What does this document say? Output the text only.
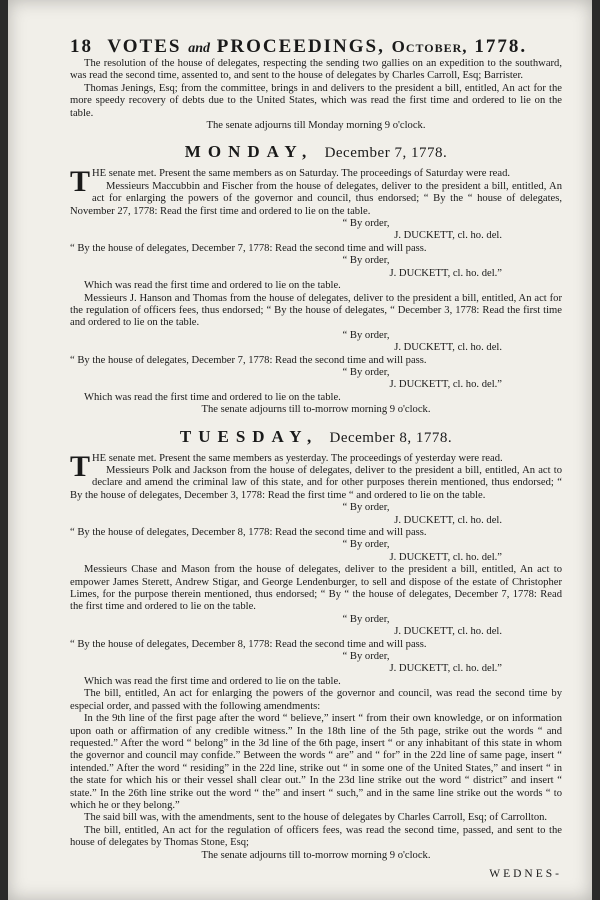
18 VOTES and PROCEEDINGS, October, 1778.

The resolution of the house of delegates, respecting the sending two gallies on an expedition to the southward, was read the second time, assented to, and sent to the house of delegates by Charles Carroll, Esq; Barrister.

Thomas Jenings, Esq; from the committee, brings in and delivers to the president a bill, entitled, An act for the more speedy recovery of debts due to the United States, which was read the first time and ordered to lie on the table.

The senate adjourns till Monday morning 9 o'clock.

MONDAY, December 7, 1778.

THE senate met. Present the same members as on Saturday. The proceedings of Saturday were read.

Messieurs Maccubbin and Fischer from the house of delegates, deliver to the president a bill, entitled, An act for enlarging the powers of the governor and council, thus endorsed; “ By the “ house of delegates, November 27, 1778: Read the first time and ordered to lie on the table.

“ By order,

J. DUCKETT, cl. ho. del.

“ By the house of delegates, December 7, 1778: Read the second time and will pass.

“ By order,

J. DUCKETT, cl. ho. del.”

Which was read the first time and ordered to lie on the table.

Messieurs J. Hanson and Thomas from the house of delegates, deliver to the president a bill, entitled, An act for the regulation of officers fees, thus endorsed; “ By the house of delegates, “ December 3, 1778: Read the first time and ordered to lie on the table.

“ By order,

J. DUCKETT, cl. ho. del.

“ By the house of delegates, December 7, 1778: Read the second time and will pass.

“ By order,

J. DUCKETT, cl. ho. del.”

Which was read the first time and ordered to lie on the table.

The senate adjourns till to-morrow morning 9 o'clock.

TUESDAY, December 8, 1778.

THE senate met. Present the same members as yesterday. The proceedings of yesterday were read.

Messieurs Polk and Jackson from the house of delegates, deliver to the president a bill, entitled, An act to declare and amend the criminal law of this state, and for other purposes therein mentioned, thus endorsed; “ By the house of delegates, December 3, 1778: Read the first time “ and ordered to lie on the table.

“ By order,

J. DUCKETT, cl. ho. del.

“ By the house of delegates, December 8, 1778: Read the second time and will pass.

“ By order,

J. DUCKETT, cl. ho. del.”

Messieurs Chase and Mason from the house of delegates, deliver to the president a bill, entitled, An act to empower James Sterett, Andrew Stigar, and George Lendenburger, to sell and dispose of the estate of Christopher Limes, for the purpose therein mentioned, thus endorsed; “ By “ the house of delegates, December 7, 1778: Read the first time and ordered to lie on the table.

“ By order,

J. DUCKETT, cl. ho. del.

“ By the house of delegates, December 8, 1778: Read the second time and will pass.

“ By order,

J. DUCKETT, cl. ho. del.”

Which was read the first time and ordered to lie on the table.

The bill, entitled, An act for enlarging the powers of the governor and council, was read the second time by especial order, and passed with the following amendments:

In the 9th line of the first page after the word “ believe,” insert “ from their own knowledge, or on information upon oath or affirmation of any credible witness.” In the 18th line of the 5th page, strike out the words “ and requested.” After the word “ belong” in the 3d line of the 6th page, insert “ or any inhabitant of this state in whom the governor and council may confide.” Between the words “ are” and “ for” in the 22d line of same page, insert “ intended.” After the word “ residing” in the 22d line, strike out “ in some one of the United States,” and insert “ in the state for which his or their vessel shall clear out.” In the 23d line strike out the word “ district” and insert “ state.” In the 26th line strike out the word “ the” and insert “ such,” and in the same line strike out the words “ to which he or they belong.”

The said bill was, with the amendments, sent to the house of delegates by Charles Carroll, Esq; of Carrollton.

The bill, entitled, An act for the regulation of officers fees, was read the second time, passed, and sent to the house of delegates by Thomas Stone, Esq;

The senate adjourns till to-morrow morning 9 o'clock.

WEDNES-
